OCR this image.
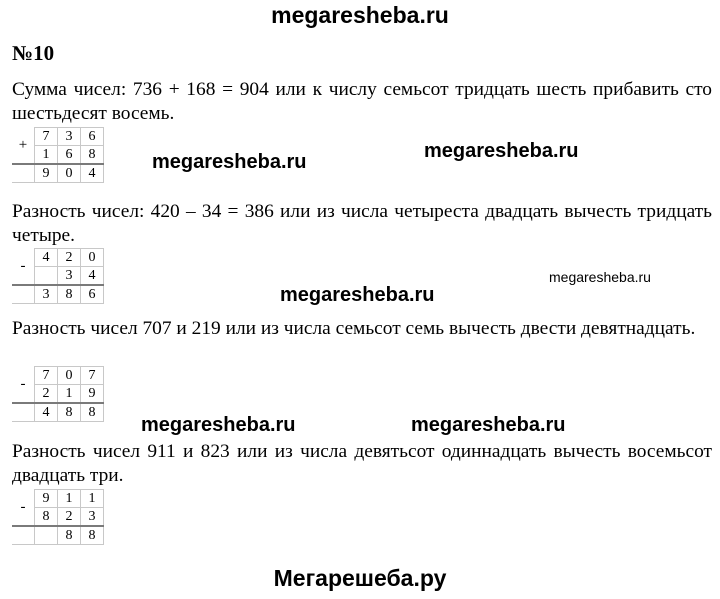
megaresheba.ru
№10

Сумма чисел: 736 + 168 = 904 или к числу семьсот тридцать шесть прибавить сто шестьдесят восемь.

+	7	3	6
	1	6	8
	9	0	4	megaresheba.ru	megaresheba.ru

Разность чисел: 420 – 34 = 386 или из числа четыреста двадцать вычесть тридцать четыре.

-	4	2	0
		3	4
	3	8	6
megaresheba.ru
megaresheba.ru

Разность чисел 707 и 219 или из числа семьсот семь вычесть двести девятнадцать.

-	7	0	7
	2	1	9
	4	8	8
megaresheba.ru	megaresheba.ru

Разность чисел 911 и 823 или из числа девятьсот одиннадцать вычесть восемьсот двадцать три.

-	9	1	1
	8	2	3
		8	8
Мегарешеба.ру
